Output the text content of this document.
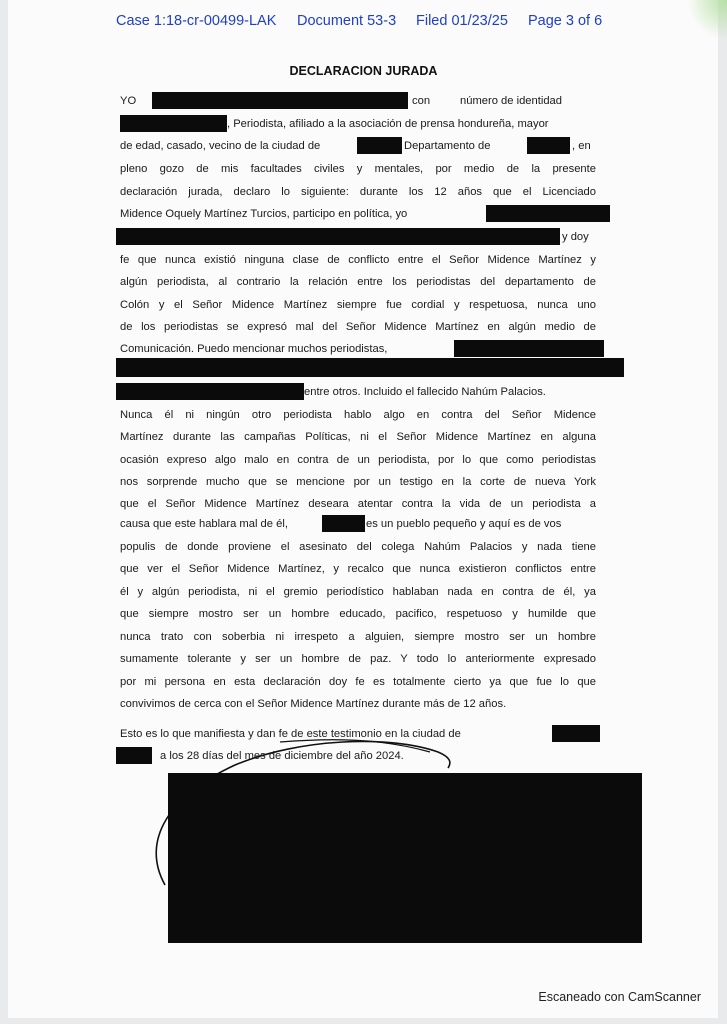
Case 1:18-cr-00499-LAK Document 53-3 Filed 01/23/25 Page 3 of 6
DECLARACION JURADA
YO	con	número de identidad
, Periodista, afiliado a la asociación de prensa hondureña, mayor
de edad, casado, vecino de la ciudad de	Departamento de	, en
pleno gozo de mis facultades civiles y mentales, por medio de la presente
declaración jurada, declaro lo siguiente: durante los 12 años que el Licenciado
Midence Oquely Martínez Turcios, participo en política, yo
y doy
fe que nunca existió ninguna clase de conflicto entre el Señor Midence Martínez y
algún periodista, al contrario la relación entre los periodistas del departamento de
Colón y el Señor Midence Martínez siempre fue cordial y respetuosa, nunca uno
de los periodistas se expresó mal del Señor Midence Martínez en algún medio de
Comunicación. Puedo mencionar muchos periodistas,
entre otros. Incluido el fallecido Nahúm Palacios.
Nunca él ni ningún otro periodista hablo algo en contra del Señor Midence
Martínez durante las campañas Políticas, ni el Señor Midence Martínez en alguna
ocasión expreso algo malo en contra de un periodista, por lo que como periodistas
nos sorprende mucho que se mencione por un testigo en la corte de nueva York
que el Señor Midence Martínez deseara atentar contra la vida de un periodista a
causa que este hablara mal de él,	es un pueblo pequeño y aquí es de vos
populis de donde proviene el asesinato del colega Nahúm Palacios y nada tiene
que ver el Señor Midence Martínez, y recalco que nunca existieron conflictos entre
él y algún periodista, ni el gremio periodístico hablaban nada en contra de él, ya
que siempre mostro ser un hombre educado, pacifico, respetuoso y humilde que
nunca trato con soberbia ni irrespeto a alguien, siempre mostro ser un hombre
sumamente tolerante y ser un hombre de paz. Y todo lo anteriormente expresado
por mi persona en esta declaración doy fe es totalmente cierto ya que fue lo que
convivimos de cerca con el Señor Midence Martínez durante más de 12 años.
Esto es lo que manifiesta y dan fe de este testimonio en la ciudad de
a los 28 días del mes de diciembre del año 2024.
Escaneado con CamScanner
